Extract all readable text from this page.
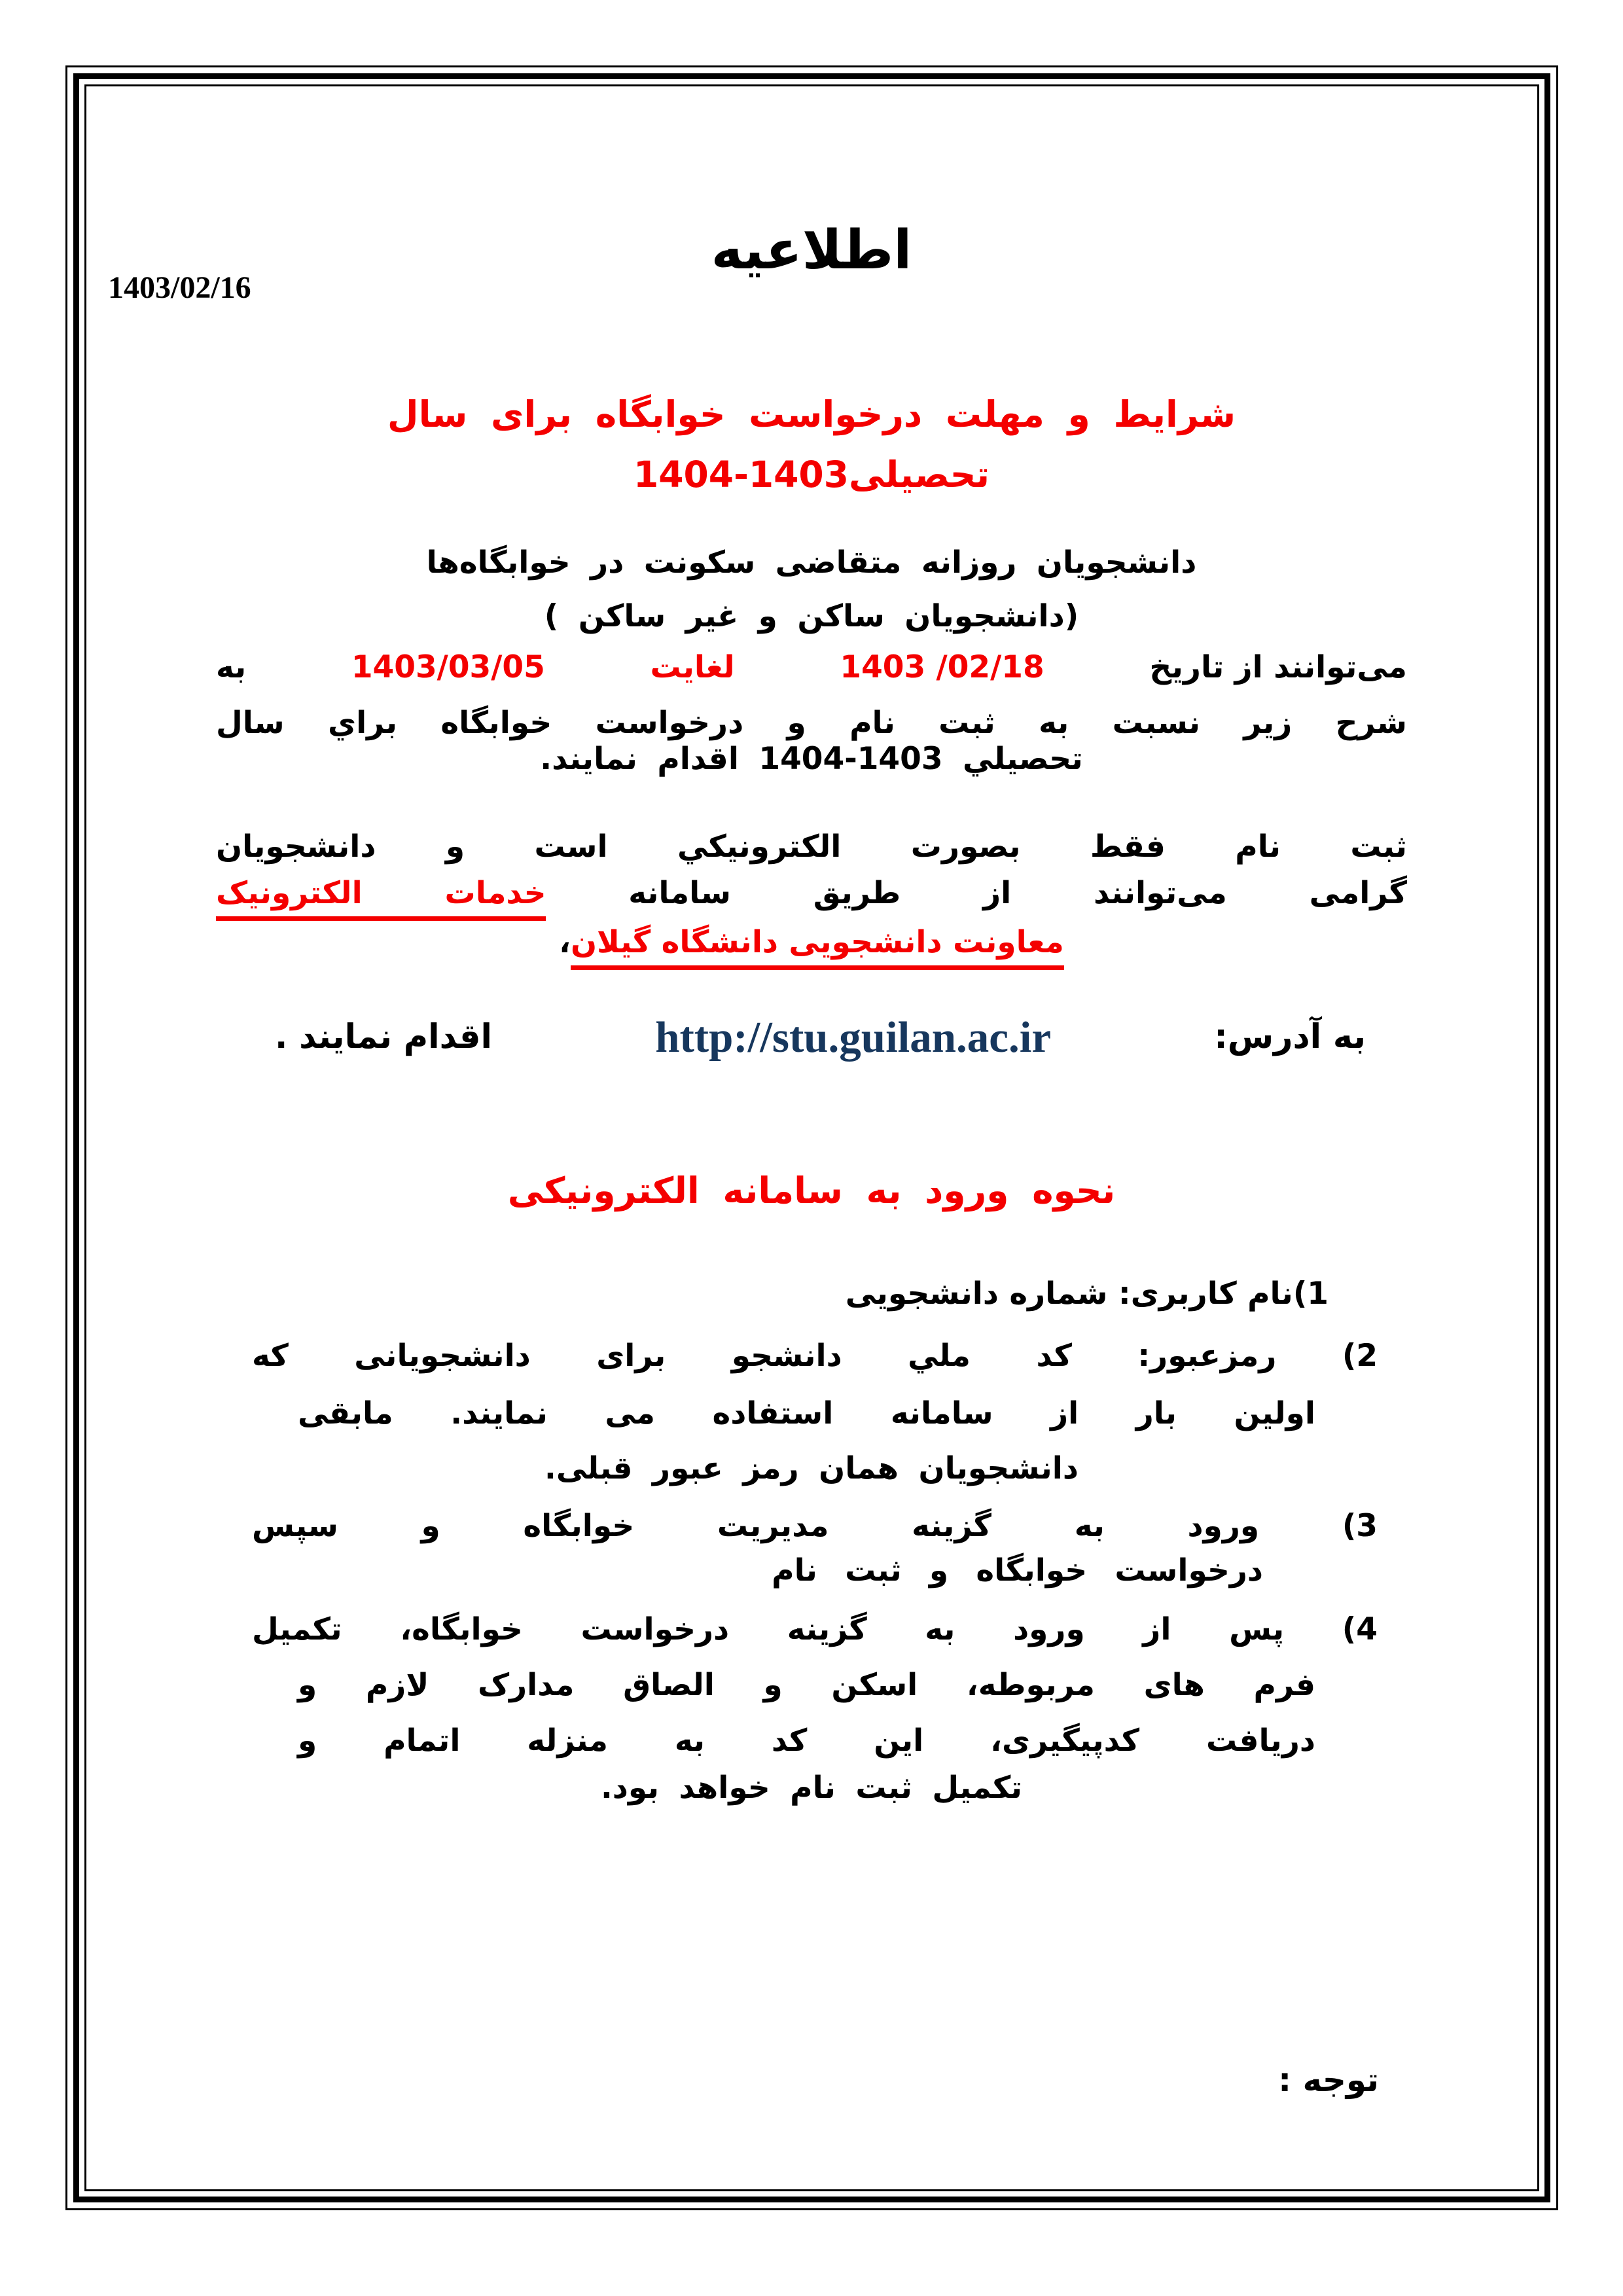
اطلاعیه
1403/02/16
شرایط و مهلت درخواست خوابگاه برای سال
تحصیلی1403-1404
دانشجویان روزانه متقاضی سکونت در خوابگاه‌ها
(دانشجویان ساکن و غیر ساکن )
می‌توانند از تاریخ
1403 /02/18
لغایت
1403/03/05
به
شرح زیر نسبت به ثبت نام و درخواست خوابگاه براي سال
تحصیلي 1403-1404 اقدام نمایند.
ثبت نام فقط بصورت الکترونیکي است و دانشجویان
گرامی می‌توانند از طریق سامانه خدمات الکترونیک
معاونت دانشجویی دانشگاه گیلان،
به آدرس:
http://stu.guilan.ac.ir
اقدام نمایند .
نحوه ورود به سامانه الکترونیکی
1)نام کاربری: شماره دانشجویی
2) رمزعبور: کد ملي دانشجو برای دانشجویانی که
اولین بار از سامانه استفاده می نمایند. مابقی
دانشجویان همان رمز عبور قبلی.
3) ورود به گزینه مدیریت خوابگاه و سپس
درخواست خوابگاه و ثبت نام
4) پس از ورود به گزینه درخواست خوابگاه، تکمیل
فرم های مربوطه، اسکن و الصاق مدارک لازم و
دریافت کدپیگیری، این کد به منزله اتمام و
تکمیل ثبت نام خواهد بود.
توجه :
